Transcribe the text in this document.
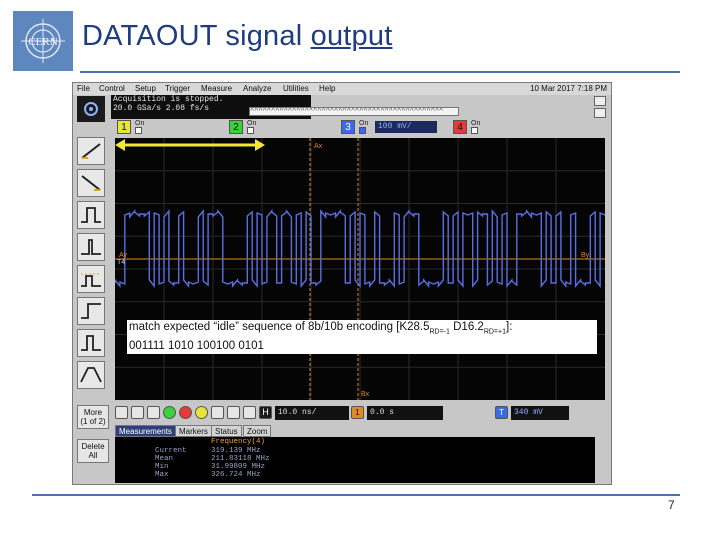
CERN DATAOUT signal output
File Control Setup Trigger Measure Analyze Utilities Help	10 Mar 2017 7:18 PM
Acquisition is stopped.
20.0 GSa/s 2.08 fs/s	^^^^^^^^^^^^^^^^^^^^^^^^^^^^^^^^^^^^^^^^^^^^^^
1	On	2	On	3	On	100 mV/	4	On
Ax
Ay	By
Bx
T4
match expected “idle” sequence of 8b/10b encoding [$K28.5_{RD=-1}$ $D16.2_{RD=+1}$]:
001111 1010 100100 0101
H	10.0 ns/	1	0.0 s	T	340 mV
More
(1 of 2)
Delete
All
Measurements Markers Status	Zoom
Frequency(4)
Current	319.139 MHz
Mean	211.83118 MHz
Min	31.99809 MHz
Max	326.724 MHz
7
